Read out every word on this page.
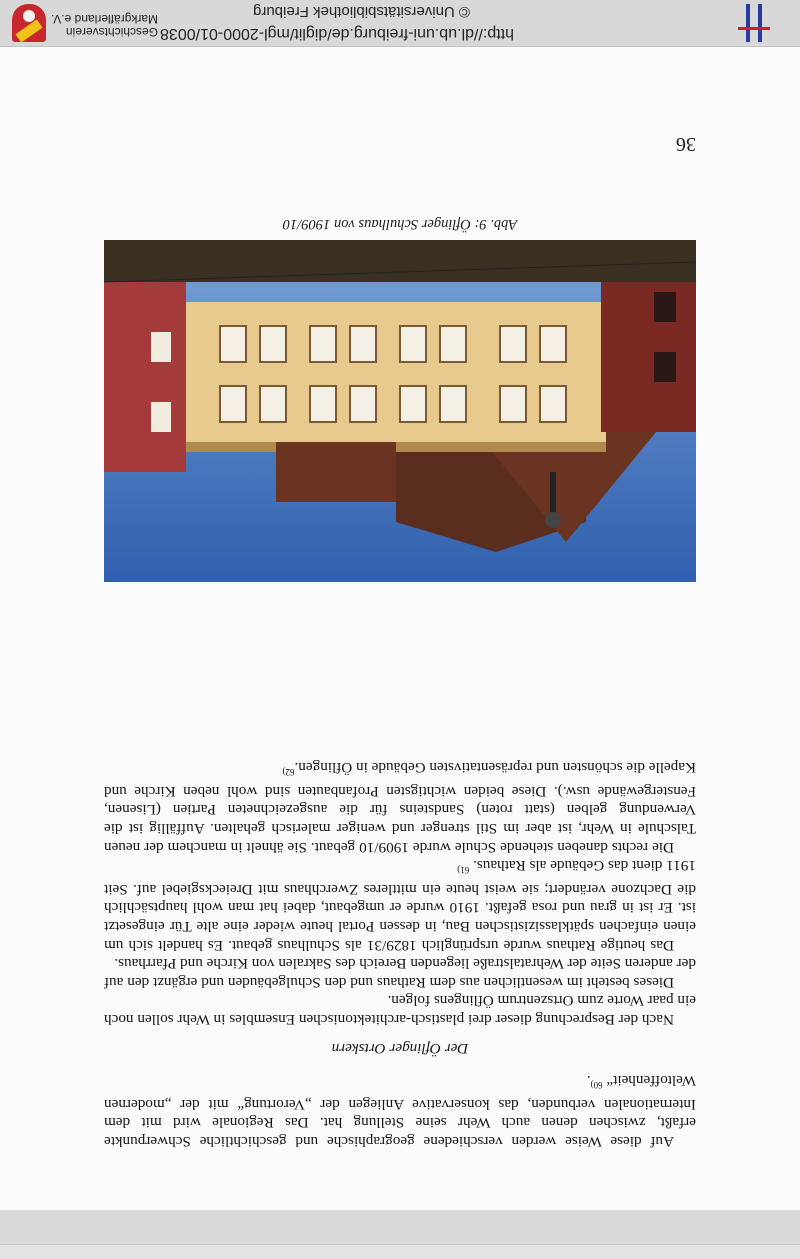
Auf diese Weise werden verschiedene geographische und geschichtliche Schwerpunkte erfaßt, zwischen denen auch Wehr seine Stellung hat. Das Regionale wird mit dem Internationalen verbunden, das konservative Anliegen der „Verortung“ mit der „modernen Weltoffenheit“ $^{60)}$.

Der Öflinger Ortskern

Nach der Besprechung dieser drei plastisch-architektonischen Ensembles in Wehr sollen noch ein paar Worte zum Ortszentrum Öflingens folgen.

Dieses besteht im wesentlichen aus dem Rathaus und den Schulgebäuden und ergänzt den auf der anderen Seite der Wehratalstraße liegenden Bereich des Sakralen von Kirche und Pfarrhaus.

Das heutige Rathaus wurde ursprünglich 1829/31 als Schulhaus gebaut. Es handelt sich um einen einfachen spätklassizistischen Bau, in dessen Portal heute wieder eine alte Tür eingesetzt ist. Er ist in grau und rosa gefaßt. 1910 wurde er umgebaut, dabei hat man wohl hauptsächlich die Dachzone verändert; sie weist heute ein mittleres Zwerchhaus mit Dreiecksgiebel auf. Seit 1911 dient das Gebäude als Rathaus. $^{61)}$

Die rechts daneben stehende Schule wurde 1909/10 gebaut. Sie ähnelt in manchem der neuen Talschule in Wehr, ist aber im Stil strenger und weniger malerisch gehalten. Auffällig ist die Verwendung gelben (statt roten) Sandsteins für die ausgezeichneten Partien (Lisenen, Fenstergewände usw.). Diese beiden wichtigsten Profanbauten sind wohl neben Kirche und Kapelle die schönsten und repräsentativsten Gebäude in Öflingen.$^{62)}$

Abb. 9: Öflinger Schulhaus von 1909/10
36
http://dl.ub.uni-freiburg.de/diglit/mgl-2000-01/0038
© Universitätsbibliothek Freiburg
Geschichtsverein
Markgräflerland e.V.
